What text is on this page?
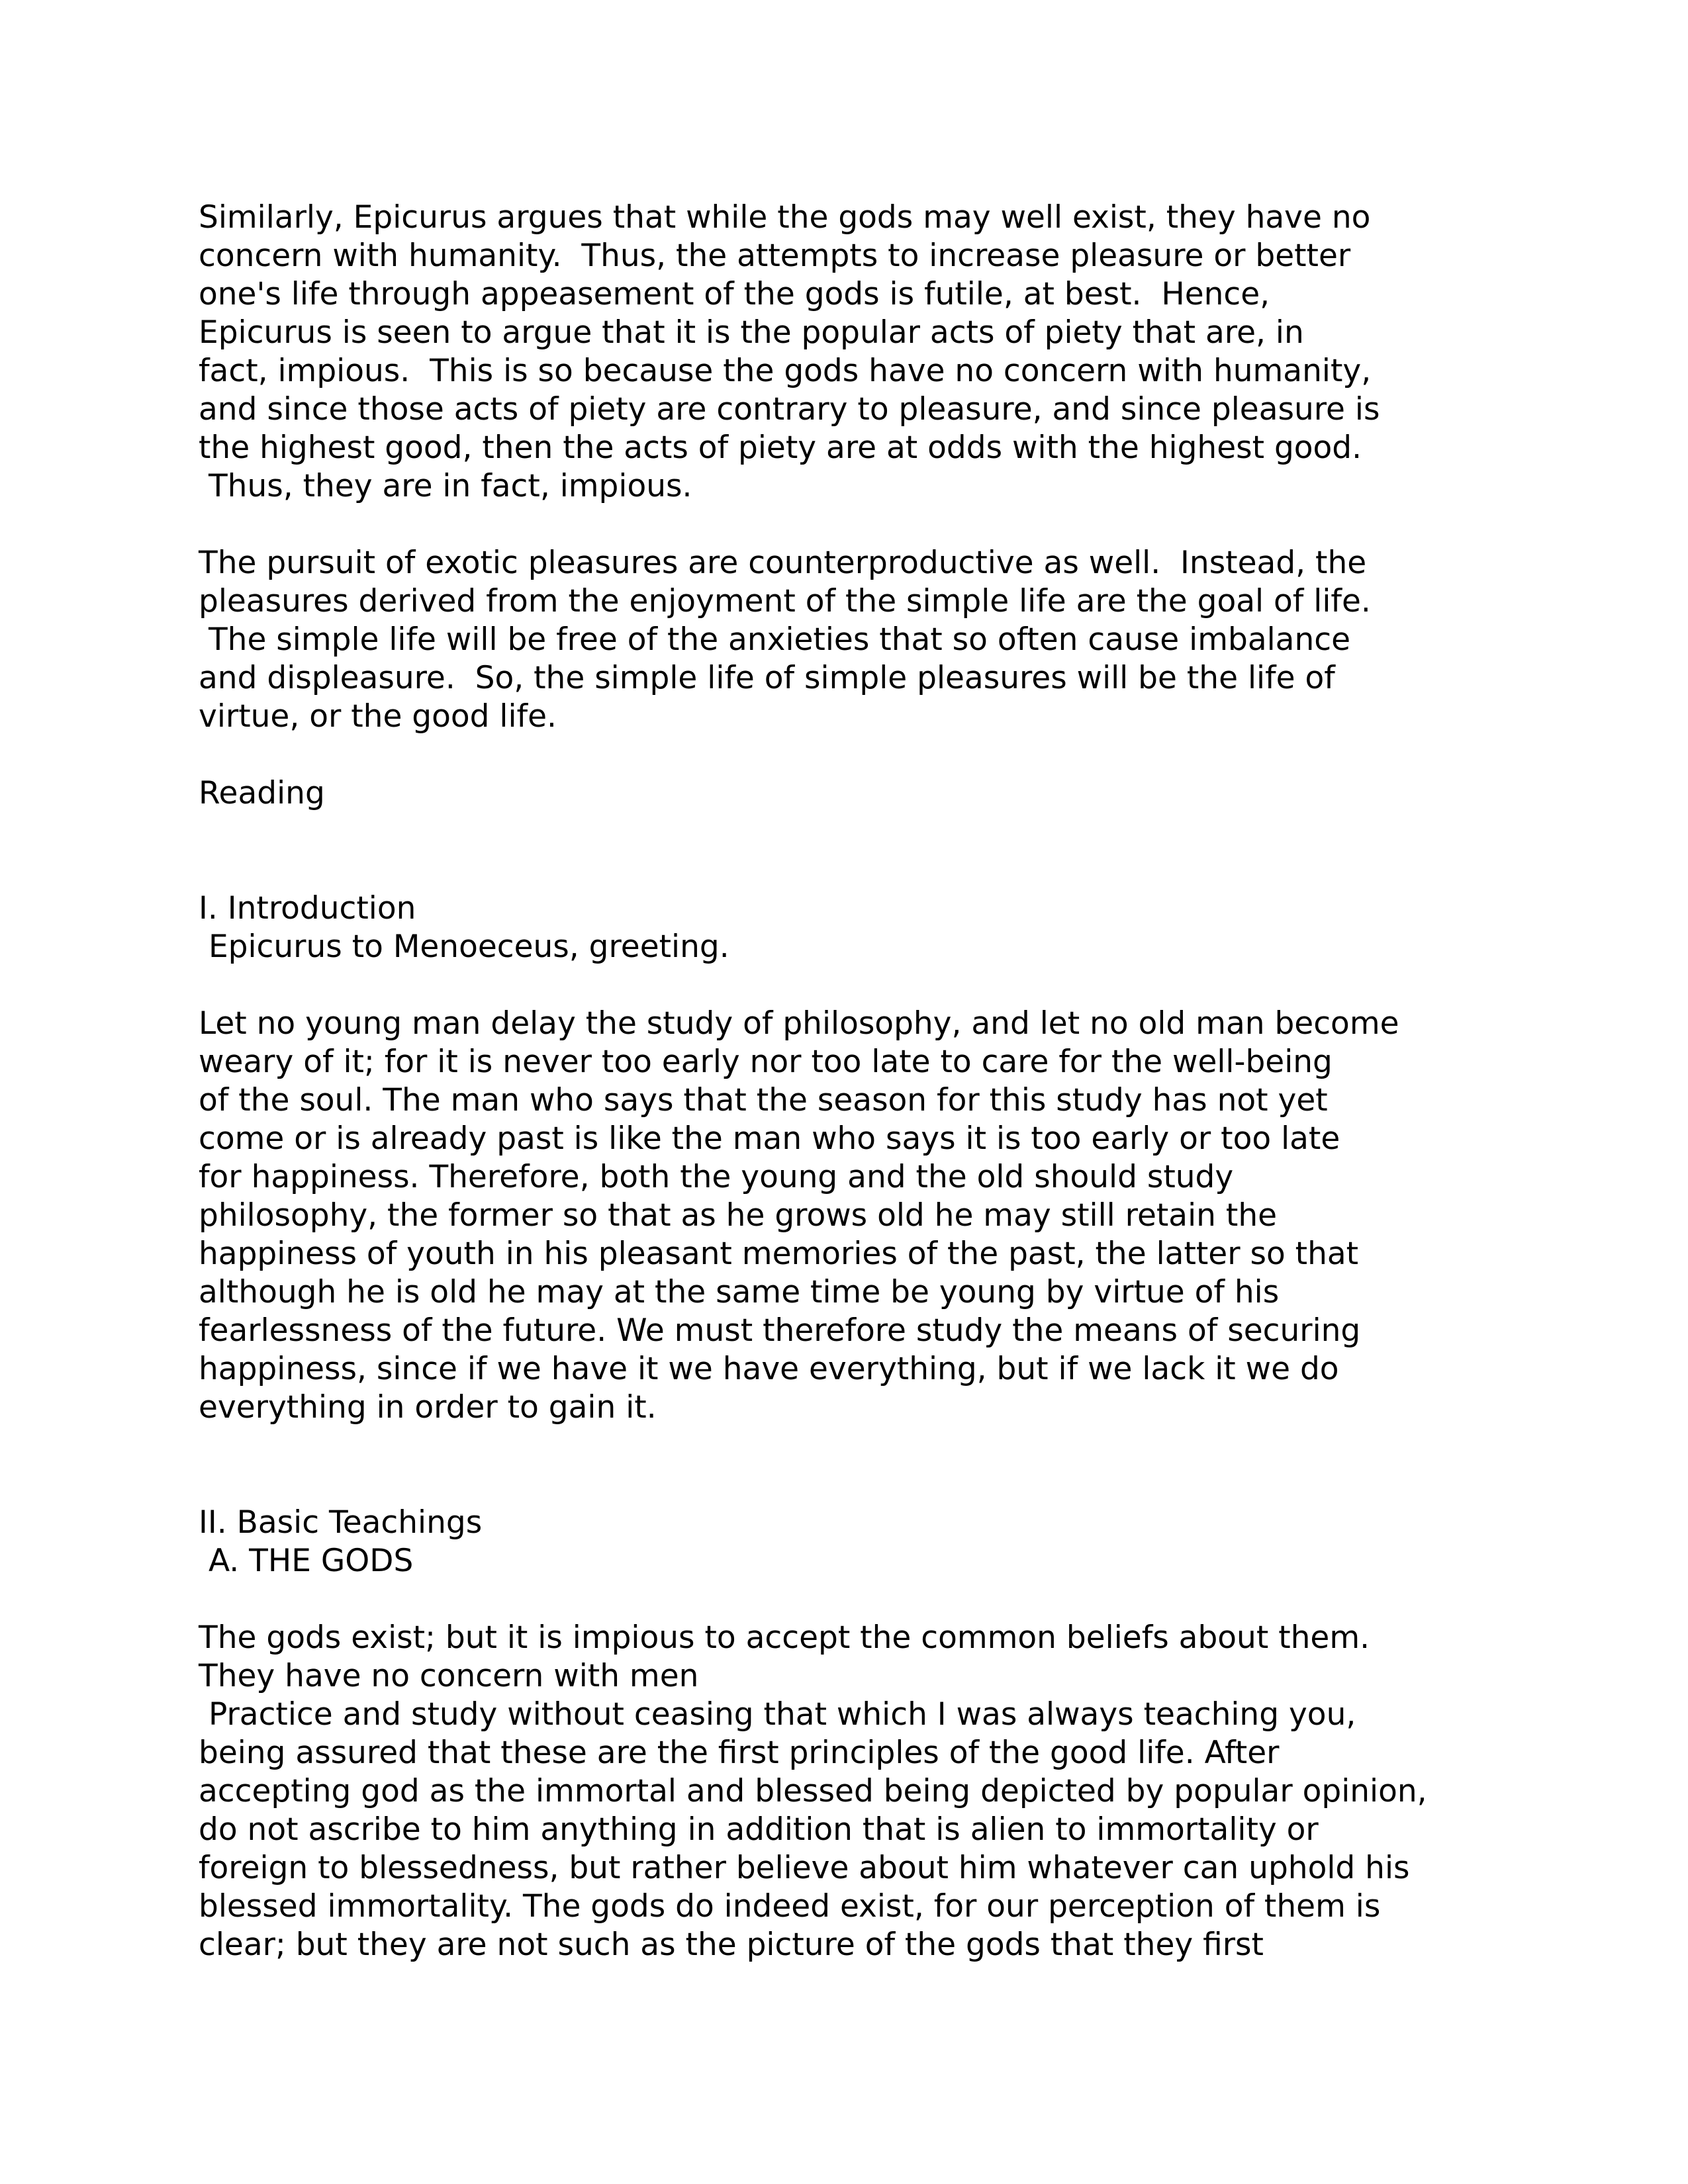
Similarly, Epicurus argues that while the gods may well exist, they have no
concern with humanity.  Thus, the attempts to increase pleasure or better
one's life through appeasement of the gods is futile, at best.  Hence,
Epicurus is seen to argue that it is the popular acts of piety that are, in
fact, impious.  This is so because the gods have no concern with humanity,
and since those acts of piety are contrary to pleasure, and since pleasure is
the highest good, then the acts of piety are at odds with the highest good.
Thus, they are in fact, impious.
The pursuit of exotic pleasures are counterproductive as well.  Instead, the
pleasures derived from the enjoyment of the simple life are the goal of life.
The simple life will be free of the anxieties that so often cause imbalance
and displeasure.  So, the simple life of simple pleasures will be the life of
virtue, or the good life.
Reading
I. Introduction
Epicurus to Menoeceus, greeting.
Let no young man delay the study of philosophy, and let no old man become
weary of it; for it is never too early nor too late to care for the well-being
of the soul. The man who says that the season for this study has not yet
come or is already past is like the man who says it is too early or too late
for happiness. Therefore, both the young and the old should study
philosophy, the former so that as he grows old he may still retain the
happiness of youth in his pleasant memories of the past, the latter so that
although he is old he may at the same time be young by virtue of his
fearlessness of the future. We must therefore study the means of securing
happiness, since if we have it we have everything, but if we lack it we do
everything in order to gain it.
II. Basic Teachings
A. THE GODS
The gods exist; but it is impious to accept the common beliefs about them.
They have no concern with men
Practice and study without ceasing that which I was always teaching you,
being assured that these are the first principles of the good life. After
accepting god as the immortal and blessed being depicted by popular opinion,
do not ascribe to him anything in addition that is alien to immortality or
foreign to blessedness, but rather believe about him whatever can uphold his
blessed immortality. The gods do indeed exist, for our perception of them is
clear; but they are not such as the picture of the gods that they first
